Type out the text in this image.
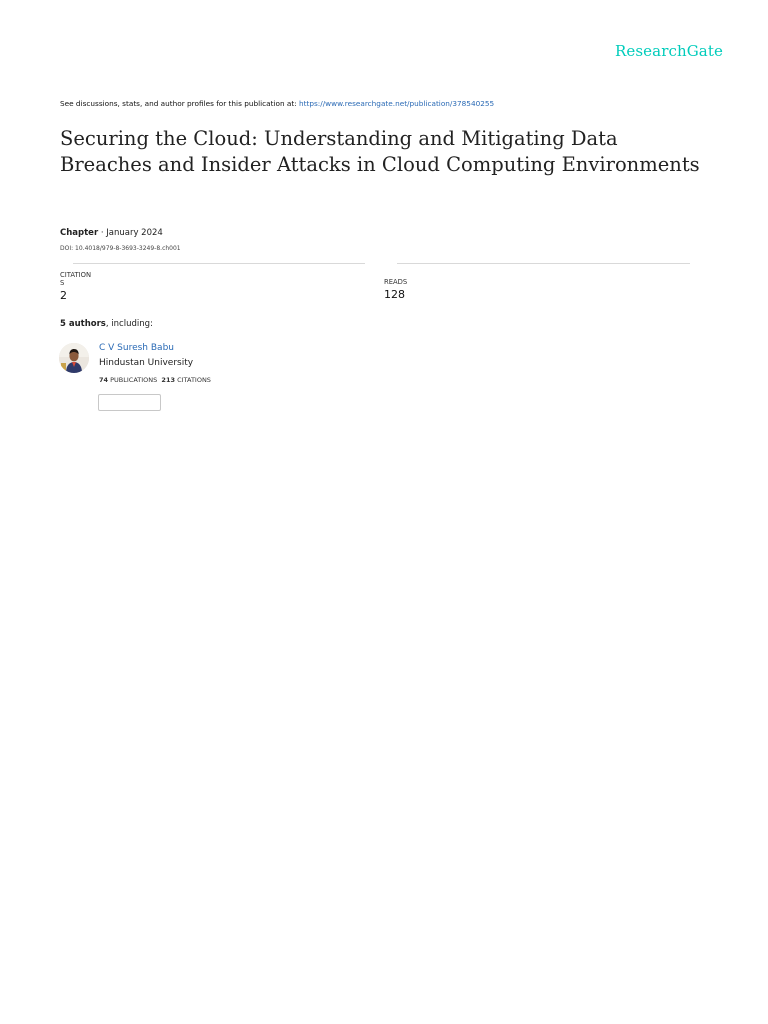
ResearchGate
See discussions, stats, and author profiles for this publication at: https://www.researchgate.net/publication/378540255
Securing the Cloud: Understanding and Mitigating Data Breaches and Insider Attacks in Cloud Computing Environments
Chapter · January 2024
DOI: 10.4018/979-8-3693-3249-8.ch001
CITATION
S
2
READS
128
5 authors, including:
C V Suresh Babu
Hindustan University
74 PUBLICATIONS 213 CITATIONS
